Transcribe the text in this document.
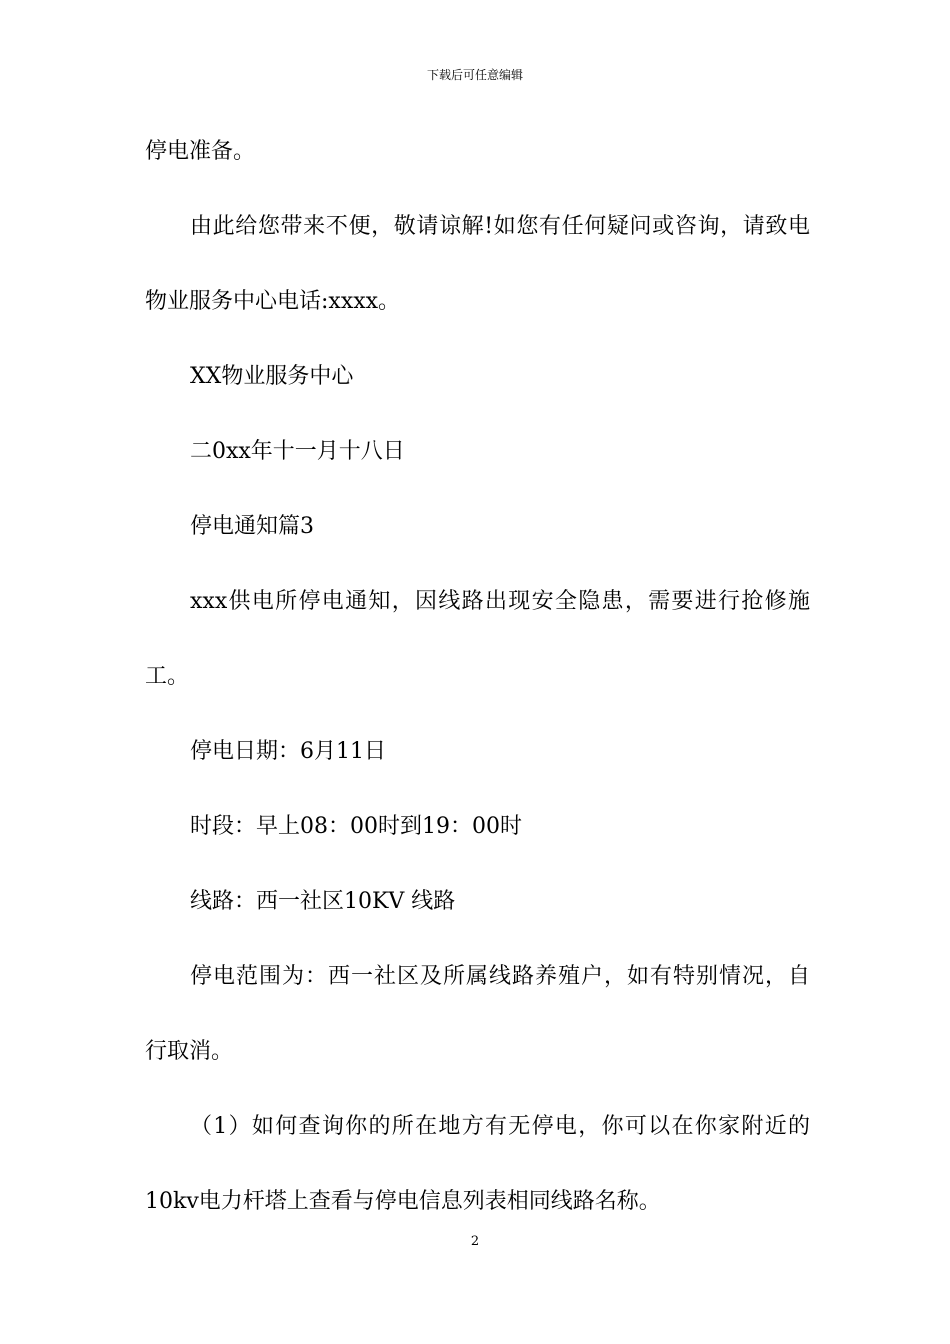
下载后可任意编辑

停电准备。

由此给您带来不便，敬请谅解!如您有任何疑问或咨询，请致电

物业服务中心电话:xxxx。

XX物业服务中心

二0xx年十一月十八日

停电通知篇3

xxx供电所停电通知，因线路出现安全隐患，需要进行抢修施

工。

停电日期：6月11日

时段：早上08：00时到19：00时

线路：西一社区10KV 线路

停电范围为：西一社区及所属线路养殖户，如有特别情况，自

行取消。

（1）如何查询你的所在地方有无停电，你可以在你家附近的

10kv电力杆塔上查看与停电信息列表相同线路名称。

2
